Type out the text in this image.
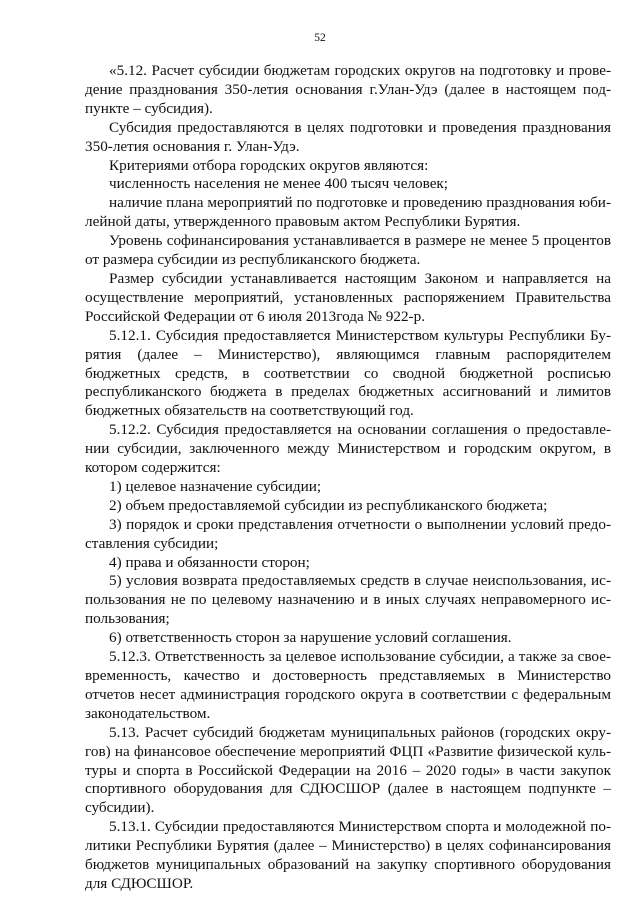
52

«5.12. Расчет субсидии бюджетам городских округов на подготовку и проведение празднования 350-летия основания г.Улан-Удэ (далее в настоящем подпункте – субсидия).

Субсидия предоставляются в целях подготовки и проведения празднования 350-летия основания г. Улан-Удэ.

Критериями отбора городских округов являются:

численность населения не менее 400 тысяч человек;

наличие плана мероприятий по подготовке и проведению празднования юбилейной даты, утвержденного правовым актом Республики Бурятия.

Уровень софинансирования устанавливается в размере не менее 5 процентов от размера субсидии из республиканского бюджета.

Размер субсидии устанавливается настоящим Законом и направляется на осуществление мероприятий, установленных распоряжением Правительства Российской Федерации от 6 июля 2013года № 922-р.

5.12.1. Субсидия предоставляется Министерством культуры Республики Бурятия (далее – Министерство), являющимся главным распорядителем бюджетных средств, в соответствии со сводной бюджетной росписью республиканского бюджета в пределах бюджетных ассигнований и лимитов бюджетных обязательств на соответствующий год.

5.12.2. Субсидия предоставляется на основании соглашения о предоставлении субсидии, заключенного между Министерством и городским округом, в котором содержится:

1) целевое назначение субсидии;

2) объем предоставляемой субсидии из республиканского бюджета;

3) порядок и сроки представления отчетности о выполнении условий предоставления субсидии;

4) права и обязанности сторон;

5) условия возврата предоставляемых средств в случае неиспользования, использования не по целевому назначению и в иных случаях неправомерного использования;

6) ответственность сторон за нарушение условий соглашения.

5.12.3. Ответственность за целевое использование субсидии, а также за своевременность, качество и достоверность представляемых в Министерство отчетов несет администрация городского округа в соответствии с федеральным законодательством.

5.13. Расчет субсидий бюджетам муниципальных районов (городских округов) на финансовое обеспечение мероприятий ФЦП «Развитие физической культуры и спорта в Российской Федерации на 2016 – 2020 годы» в части закупок спортивного оборудования для СДЮСШОР (далее в настоящем подпункте – субсидии).

5.13.1. Субсидии предоставляются Министерством спорта и молодежной политики Республики Бурятия (далее – Министерство) в целях софинансирования бюджетов муниципальных образований на закупку спортивного оборудования для СДЮСШОР.
